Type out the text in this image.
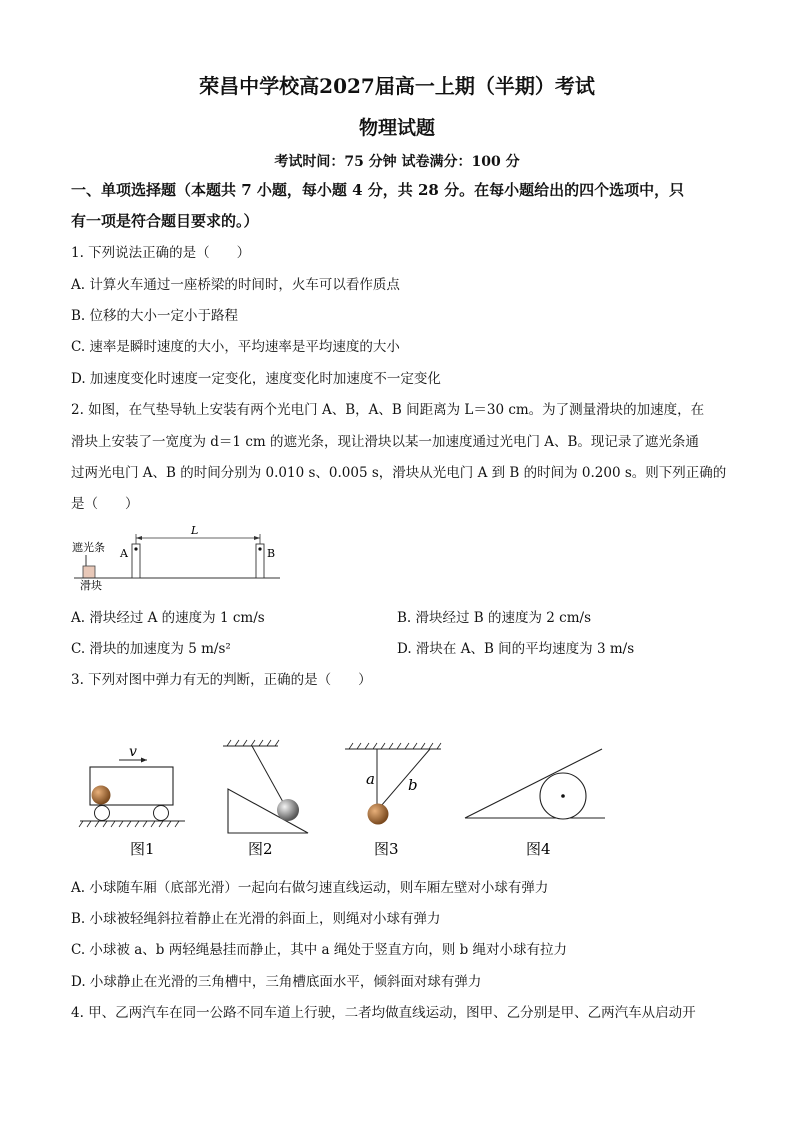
荣昌中学校高2027届高一上期（半期）考试
物理试题
考试时间：75 分钟 试卷满分：100 分
一、单项选择题（本题共 7 小题，每小题 4 分，共 28 分。在每小题给出的四个选项中，只
有一项是符合题目要求的。）
1. 下列说法正确的是（　　）
A. 计算火车通过一座桥梁的时间时，火车可以看作质点
B. 位移的大小一定小于路程
C. 速率是瞬时速度的大小，平均速率是平均速度的大小
D. 加速度变化时速度一定变化，速度变化时加速度不一定变化
2. 如图，在气垫导轨上安装有两个光电门 A、B，A、B 间距离为 L＝30 cm。为了测量滑块的加速度，在
滑块上安装了一宽度为 d＝1 cm 的遮光条，现让滑块以某一加速度通过光电门 A、B。现记录了遮光条通
过两光电门 A、B 的时间分别为 0.010 s、0.005 s，滑块从光电门 A 到 B 的时间为 0.200 s。则下列正确的
是（　　）
遮光条
滑块
A	B
L
A. 滑块经过 A 的速度为 1 cm/s	B. 滑块经过 B 的速度为 2 cm/s
C. 滑块的加速度为 5 m/s²	D. 滑块在 A、B 间的平均速度为 3 m/s
3. 下列对图中弹力有无的判断，正确的是（　　）
v
a b
图1	图2	图3	图4
A. 小球随车厢（底部光滑）一起向右做匀速直线运动，则车厢左壁对小球有弹力
B. 小球被轻绳斜拉着静止在光滑的斜面上，则绳对小球有弹力
C. 小球被 a、b 两轻绳悬挂而静止，其中 a 绳处于竖直方向，则 b 绳对小球有拉力
D. 小球静止在光滑的三角槽中，三角槽底面水平，倾斜面对球有弹力
4. 甲、乙两汽车在同一公路不同车道上行驶，二者均做直线运动，图甲、乙分别是甲、乙两汽车从启动开
